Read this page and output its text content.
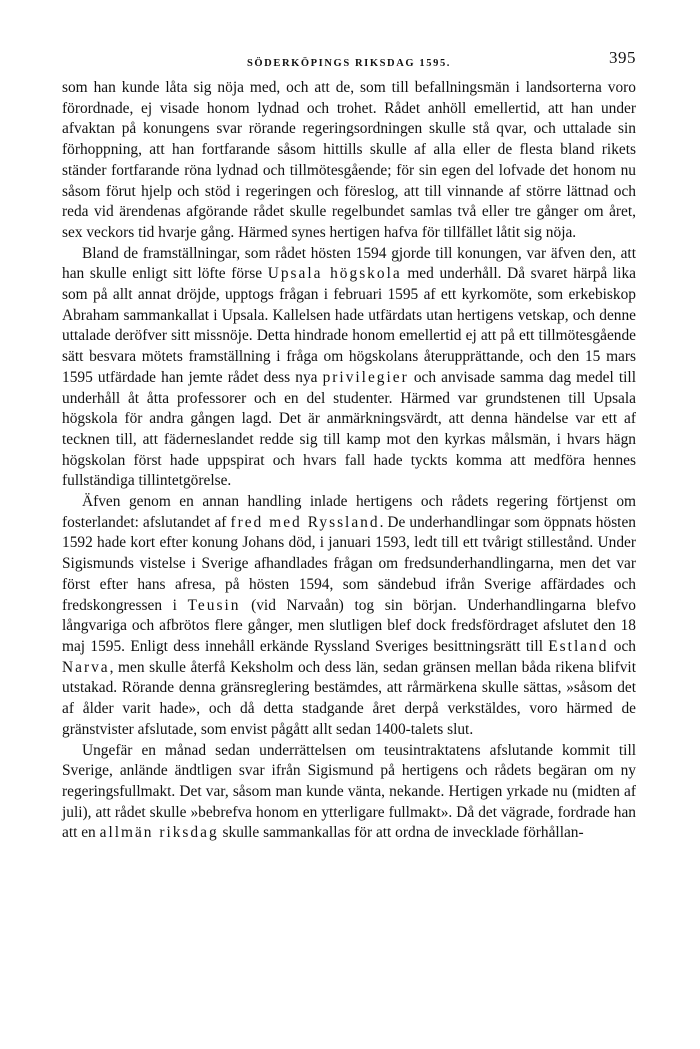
$_{SÖDERKÖPINGS RIKSDAG 1595.}$	395

som han kunde låta sig nöja med, och att de, som till befallningsmän i landsorterna voro förordnade, ej visade honom lydnad och trohet. Rådet anhöll emellertid, att han under afvaktan på konungens svar rörande regeringsordningen skulle stå qvar, och uttalade sin förhoppning, att han fortfarande såsom hittills skulle af alla eller de flesta bland rikets ständer fortfarande röna lydnad och tillmötesgående; för sin egen del lofvade det honom nu såsom förut hjelp och stöd i regeringen och föreslog, att till vinnande af större lättnad och reda vid ärendenas afgörande rådet skulle regelbundet samlas två eller tre gånger om året, sex veckors tid hvarje gång. Härmed synes hertigen hafva för tillfället låtit sig nöja.

Bland de framställningar, som rådet hösten 1594 gjorde till konungen, var äfven den, att han skulle enligt sitt löfte förse Upsala högskola med underhåll. Då svaret härpå lika som på allt annat dröjde, upptogs frågan i februari 1595 af ett kyrkomöte, som erkebiskop Abraham sammankallat i Upsala. Kallelsen hade utfärdats utan hertigens vetskap, och denne uttalade deröfver sitt missnöje. Detta hindrade honom emellertid ej att på ett tillmötesgående sätt besvara mötets framställning i fråga om högskolans återupprättande, och den 15 mars 1595 utfärdade han jemte rådet dess nya privilegier och anvisade samma dag medel till underhåll åt åtta professorer och en del studenter. Härmed var grundstenen till Upsala högskola för andra gången lagd. Det är anmärkningsvärdt, att denna händelse var ett af tecknen till, att fäderneslandet redde sig till kamp mot den kyrkas målsmän, i hvars hägn högskolan först hade uppspirat och hvars fall hade tyckts komma att medföra hennes fullständiga tillintetgörelse.

Äfven genom en annan handling inlade hertigens och rådets regering förtjenst om fosterlandet: afslutandet af fred med Ryssland. De underhandlingar som öppnats hösten 1592 hade kort efter konung Johans död, i januari 1593, ledt till ett tvårigt stillestånd. Under Sigismunds vistelse i Sverige afhandlades frågan om fredsunderhandlingarna, men det var först efter hans afresa, på hösten 1594, som sändebud ifrån Sverige affärdades och fredskongressen i Teusin (vid Narvaån) tog sin början. Underhandlingarna blefvo långvariga och afbrötos flere gånger, men slutligen blef dock fredsfördraget afslutet den 18 maj 1595. Enligt dess innehåll erkände Ryssland Sveriges besittningsrätt till Estland och Narva, men skulle återfå Keksholm och dess län, sedan gränsen mellan båda rikena blifvit utstakad. Rörande denna gränsreglering bestämdes, att rårmärkena skulle sättas, »såsom det af ålder varit hade», och då detta stadgande året derpå verkstäldes, voro härmed de gränstvister afslutade, som envist pågått allt sedan 1400-talets slut.

Ungefär en månad sedan underrättelsen om teusintraktatens afslutande kommit till Sverige, anlände ändtligen svar ifrån Sigismund på hertigens och rådets begäran om ny regeringsfullmakt. Det var, såsom man kunde vänta, nekande. Hertigen yrkade nu (midten af juli), att rådet skulle »bebrefva honom en ytterligare fullmakt». Då det vägrade, fordrade han att en allmän riksdag skulle sammankallas för att ordna de invecklade förhållan-
